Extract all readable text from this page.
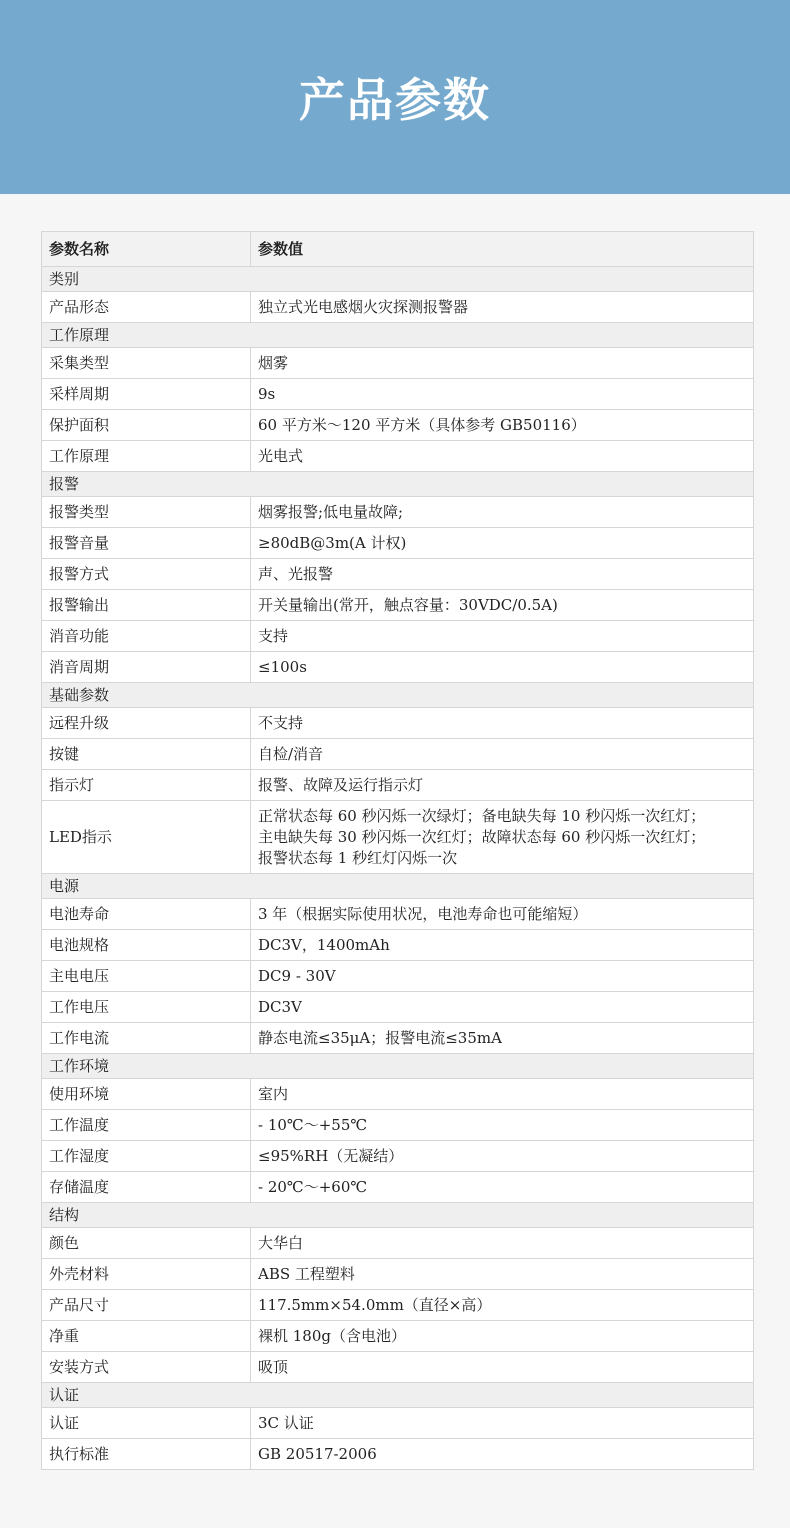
产品参数
参数名称	参数值
类别	
产品形态	独立式光电感烟火灾探测报警器
工作原理	
采集类型	烟雾
采样周期	9s
保护面积	60 平方米～120 平方米（具体参考 GB50116）
工作原理	光电式
报警	
报警类型	烟雾报警;低电量故障;
报警音量	≥80dB@3m(A 计权)
报警方式	声、光报警
报警输出	开关量输出(常开，触点容量：30VDC/0.5A)
消音功能	支持
消音周期	≤100s
基础参数	
远程升级	不支持
按键	自检/消音
指示灯	报警、故障及运行指示灯
LED指示	正常状态每 60 秒闪烁一次绿灯；备电缺失每 10 秒闪烁一次红灯；
主电缺失每 30 秒闪烁一次红灯；故障状态每 60 秒闪烁一次红灯；
报警状态每 1 秒红灯闪烁一次

电源	
电池寿命	3 年（根据实际使用状况，电池寿命也可能缩短）
电池规格	DC3V，1400mAh
主电电压	DC9 - 30V
工作电压	DC3V
工作电流	静态电流≤35μA；报警电流≤35mA
工作环境	
使用环境	室内
工作温度	- 10℃～+55℃
工作湿度	≤95%RH（无凝结）
存储温度	- 20℃～+60℃
结构	
颜色	大华白
外壳材料	ABS 工程塑料
产品尺寸	117.5mm×54.0mm（直径×高）
净重	裸机 180g（含电池）
安装方式	吸顶
认证	
认证	3C 认证
执行标准	GB 20517-2006
